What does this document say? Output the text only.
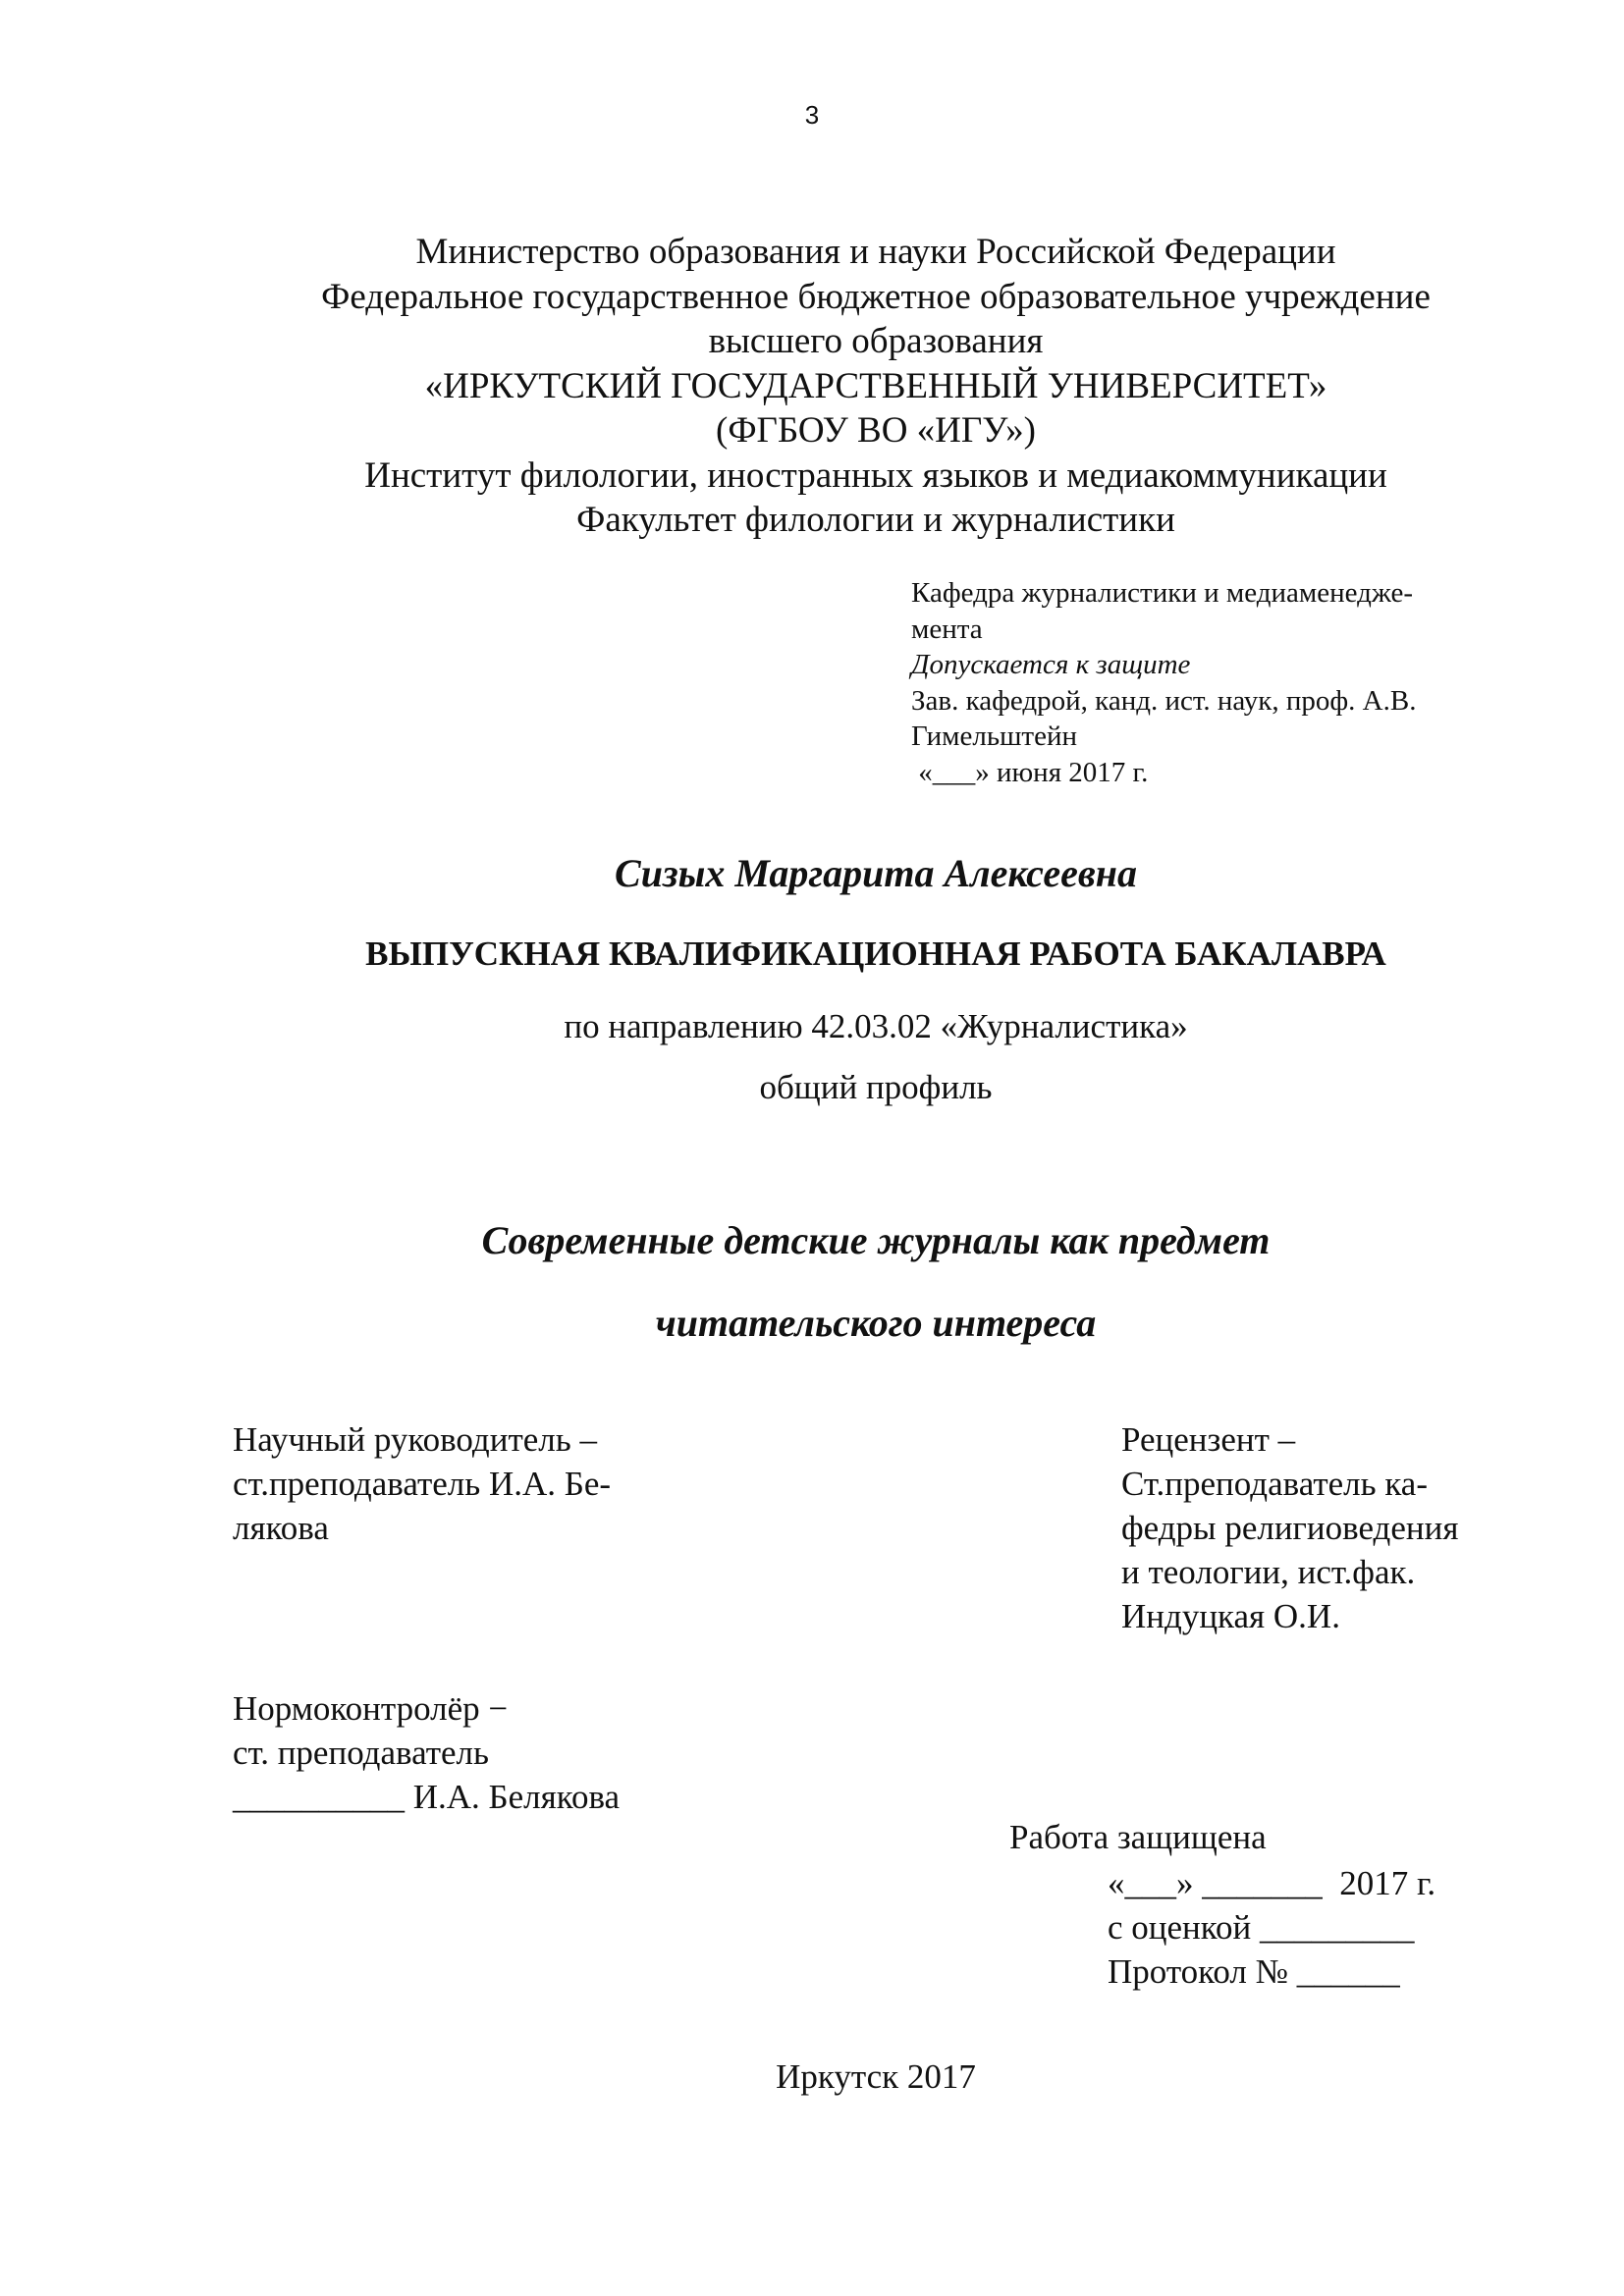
3
Министерство образования и науки Российской Федерации
Федеральное государственное бюджетное образовательное учреждение
высшего образования
«ИРКУТСКИЙ ГОСУДАРСТВЕННЫЙ УНИВЕРСИТЕТ»
(ФГБОУ ВО «ИГУ»)
Институт филологии, иностранных языков и медиакоммуникации
Факультет филологии и журналистики
Кафедра журналистики и медиаменедже-
мента
Допускается к защите
Зав. кафедрой, канд. ист. наук, проф. А.В.
Гимельштейн
«___» июня 2017 г.
Сизых Маргарита Алексеевна
ВЫПУСКНАЯ КВАЛИФИКАЦИОННАЯ РАБОТА БАКАЛАВРА
по направлению 42.03.02 «Журналистика»
общий профиль
Современные детские журналы как предмет
читательского интереса
Научный руководитель –
ст.преподаватель И.А. Бе-
лякова
Рецензент –
Ст.преподаватель ка-
федры религиоведения
и теологии, ист.фак.
Индуцкая О.И.
Нормоконтролёр −
ст. преподаватель
__________ И.А. Белякова
Работа защищена
«___» _______  2017 г.
с оценкой _________
Протокол № ______
Иркутск 2017
